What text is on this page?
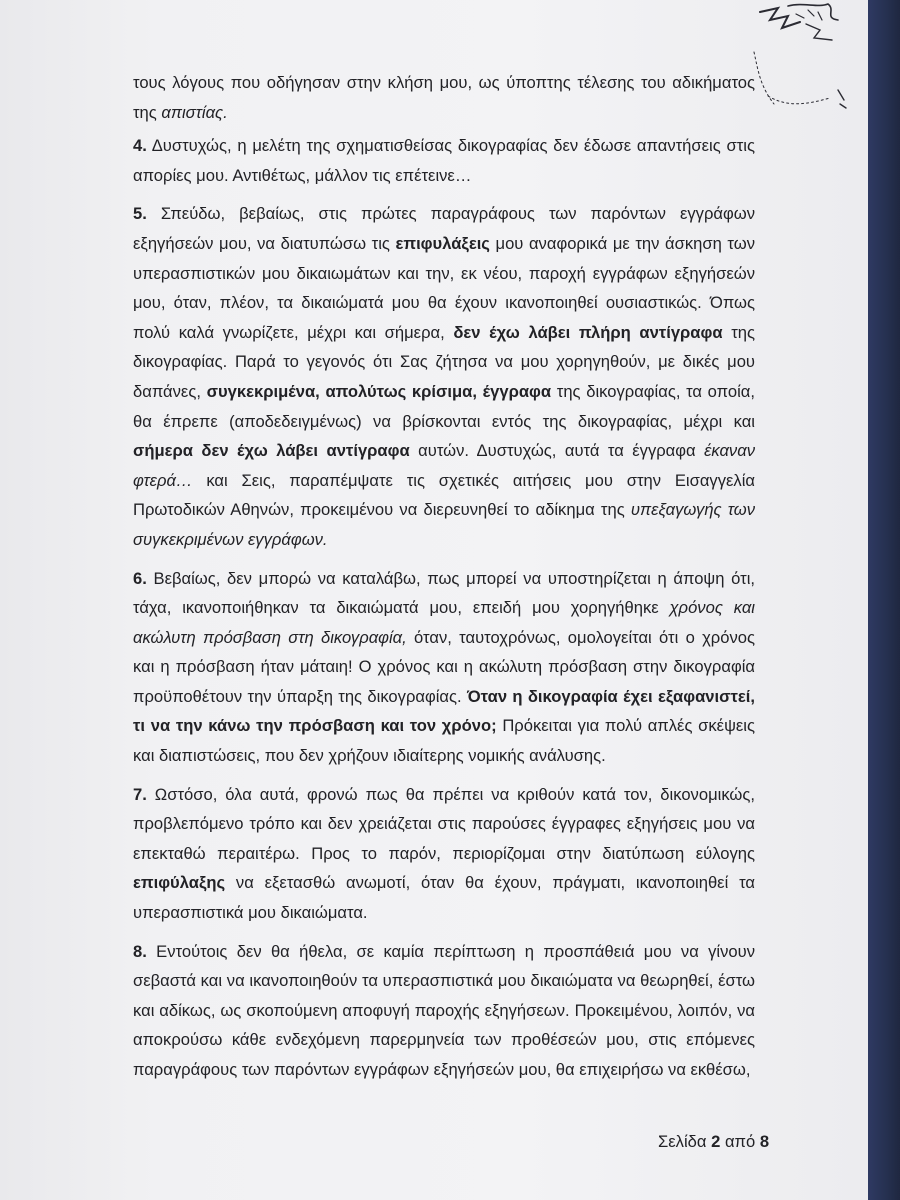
τους λόγους που οδήγησαν στην κλήση μου, ως ύποπτης τέλεσης του αδικήματος της απιστίας.

4. Δυστυχώς, η μελέτη της σχηματισθείσας δικογραφίας δεν έδωσε απαντήσεις στις απορίες μου. Αντιθέτως, μάλλον τις επέτεινε…

5. Σπεύδω, βεβαίως, στις πρώτες παραγράφους των παρόντων εγγράφων εξηγήσεών μου, να διατυπώσω τις επιφυλάξεις μου αναφορικά με την άσκηση των υπερασπιστικών μου δικαιωμάτων και την, εκ νέου, παροχή εγγράφων εξηγήσεών μου, όταν, πλέον, τα δικαιώματά μου θα έχουν ικανοποιηθεί ουσιαστικώς. Όπως πολύ καλά γνωρίζετε, μέχρι και σήμερα, δεν έχω λάβει πλήρη αντίγραφα της δικογραφίας. Παρά το γεγονός ότι Σας ζήτησα να μου χορηγηθούν, με δικές μου δαπάνες, συγκεκριμένα, απολύτως κρίσιμα, έγγραφα της δικογραφίας, τα οποία, θα έπρεπε (αποδεδειγμένως) να βρίσκονται εντός της δικογραφίας, μέχρι και σήμερα δεν έχω λάβει αντίγραφα αυτών. Δυστυχώς, αυτά τα έγγραφα έκαναν φτερά… και Σεις, παραπέμψατε τις σχετικές αιτήσεις μου στην Εισαγγελία Πρωτοδικών Αθηνών, προκειμένου να διερευνηθεί το αδίκημα της υπεξαγωγής των συγκεκριμένων εγγράφων.

6. Βεβαίως, δεν μπορώ να καταλάβω, πως μπορεί να υποστηρίζεται η άποψη ότι, τάχα, ικανοποιήθηκαν τα δικαιώματά μου, επειδή μου χορηγήθηκε χρόνος και ακώλυτη πρόσβαση στη δικογραφία, όταν, ταυτοχρόνως, ομολογείται ότι ο χρόνος και η πρόσβαση ήταν μάταιη! Ο χρόνος και η ακώλυτη πρόσβαση στην δικογραφία προϋποθέτουν την ύπαρξη της δικογραφίας. Όταν η δικογραφία έχει εξαφανιστεί, τι να την κάνω την πρόσβαση και τον χρόνο; Πρόκειται για πολύ απλές σκέψεις και διαπιστώσεις, που δεν χρήζουν ιδιαίτερης νομικής ανάλυσης.

7. Ωστόσο, όλα αυτά, φρονώ πως θα πρέπει να κριθούν κατά τον, δικονομικώς, προβλεπόμενο τρόπο και δεν χρειάζεται στις παρούσες έγγραφες εξηγήσεις μου να επεκταθώ περαιτέρω. Προς το παρόν, περιορίζομαι στην διατύπωση εύλογης επιφύλαξης να εξετασθώ ανωμοτί, όταν θα έχουν, πράγματι, ικανοποιηθεί τα υπερασπιστικά μου δικαιώματα.

8. Εντούτοις δεν θα ήθελα, σε καμία περίπτωση η προσπάθειά μου να γίνουν σεβαστά και να ικανοποιηθούν τα υπερασπιστικά μου δικαιώματα να θεωρηθεί, έστω και αδίκως, ως σκοπούμενη αποφυγή παροχής εξηγήσεων. Προκειμένου, λοιπόν, να αποκρούσω κάθε ενδεχόμενη παρερμηνεία των προθέσεών μου, στις επόμενες παραγράφους των παρόντων εγγράφων εξηγήσεών μου, θα επιχειρήσω να εκθέσω,

Σελίδα 2 από 8
